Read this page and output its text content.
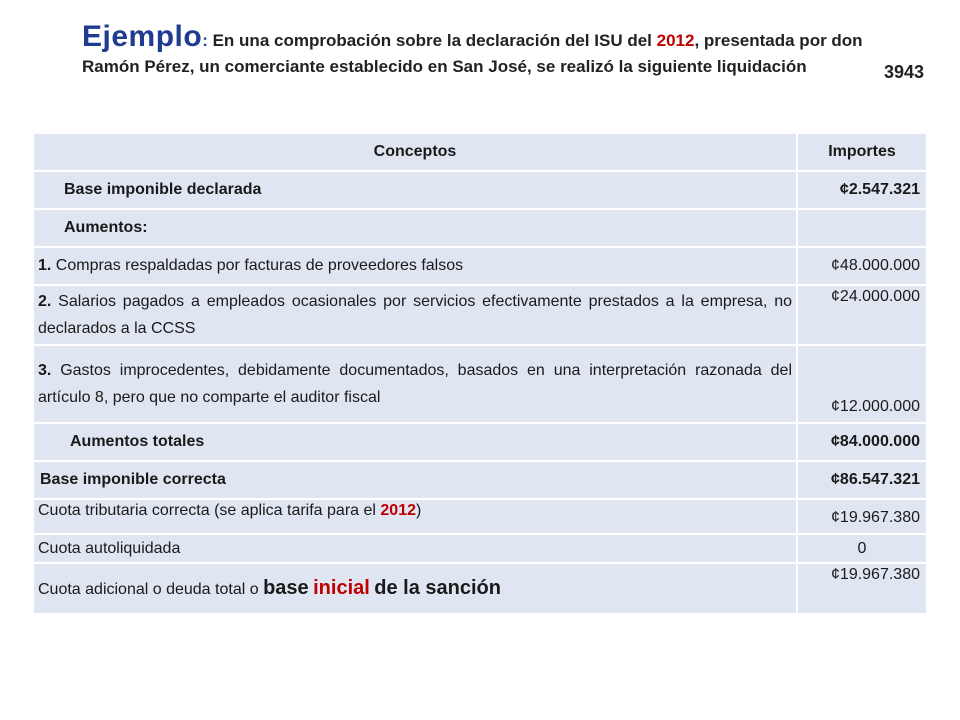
Ejemplo: En una comprobación sobre la declaración del ISU del 2012, presentada por don Ramón Pérez, un comerciante establecido en San José, se realizó la siguiente liquidación	3943
Conceptos	Importes
Base imponible declarada	¢2.547.321
Aumentos:	
1. Compras respaldadas por facturas de proveedores falsos	¢48.000.000
2. Salarios pagados a empleados ocasionales por servicios efectivamente prestados a la empresa, no declarados a la CCSS	¢24.000.000
3. Gastos improcedentes, debidamente documentados, basados en una interpretación razonada del artículo 8, pero que no comparte el auditor fiscal	¢12.000.000
Aumentos totales	¢84.000.000
Base imponible correcta	¢86.547.321
Cuota tributaria correcta (se aplica tarifa para el 2012)	¢19.967.380
Cuota autoliquidada	0
Cuota adicional o deuda total o base inicial de la sanción	¢19.967.380
